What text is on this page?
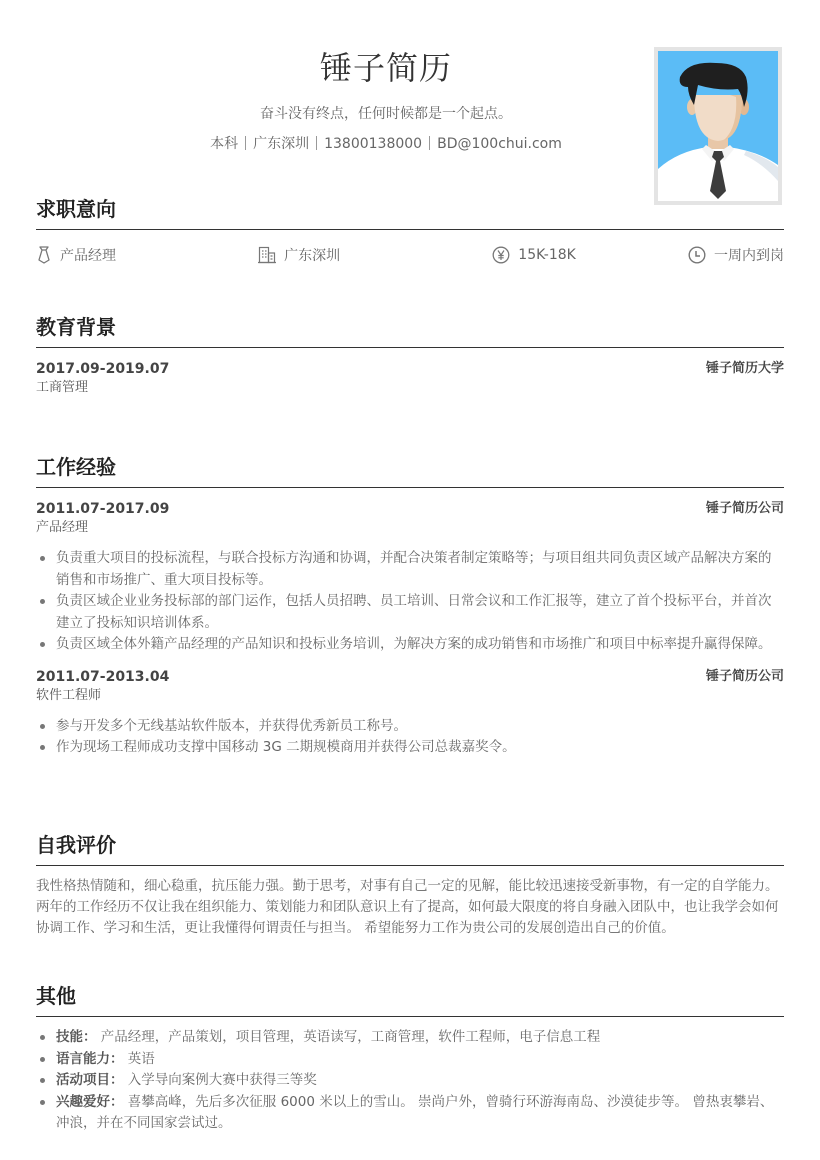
锤子简历
奋斗没有终点，任何时候都是一个起点。
本科 广东深圳 13800138000 BD@100chui.com
求职意向
产品经理	广东深圳	15K-18K	一周内到岗
教育背景
2017.09-2019.07	锤子简历大学
工商管理
工作经验
2011.07-2017.09	锤子简历公司
产品经理
负责重大项目的投标流程，与联合投标方沟通和协调，并配合决策者制定策略等；与项目组共同负责区域产品解决方案的销售和市场推广、重大项目投标等。
负责区域企业业务投标部的部门运作，包括人员招聘、员工培训、日常会议和工作汇报等，建立了首个投标平台，并首次建立了投标知识培训体系。
负责区域全体外籍产品经理的产品知识和投标业务培训，为解决方案的成功销售和市场推广和项目中标率提升赢得保障。
2011.07-2013.04	锤子简历公司
软件工程师
参与开发多个无线基站软件版本，并获得优秀新员工称号。
作为现场工程师成功支撑中国移动 3G 二期规模商用并获得公司总裁嘉奖令。
自我评价
我性格热情随和，细心稳重，抗压能力强。勤于思考，对事有自己一定的见解，能比较迅速接受新事物，有一定的自学能力。 两年的工作经历不仅让我在组织能力、策划能力和团队意识上有了提高，如何最大限度的将自身融入团队中，也让我学会如何协调工作、学习和生活，更让我懂得何谓责任与担当。 希望能努力工作为贵公司的发展创造出自己的价值。
其他
技能： 产品经理，产品策划，项目管理，英语读写，工商管理，软件工程师，电子信息工程
语言能力： 英语
活动项目： 入学导向案例大赛中获得三等奖
兴趣爱好： 喜攀高峰，先后多次征服 6000 米以上的雪山。 崇尚户外，曾骑行环游海南岛、沙漠徒步等。 曾热衷攀岩、冲浪，并在不同国家尝试过。
